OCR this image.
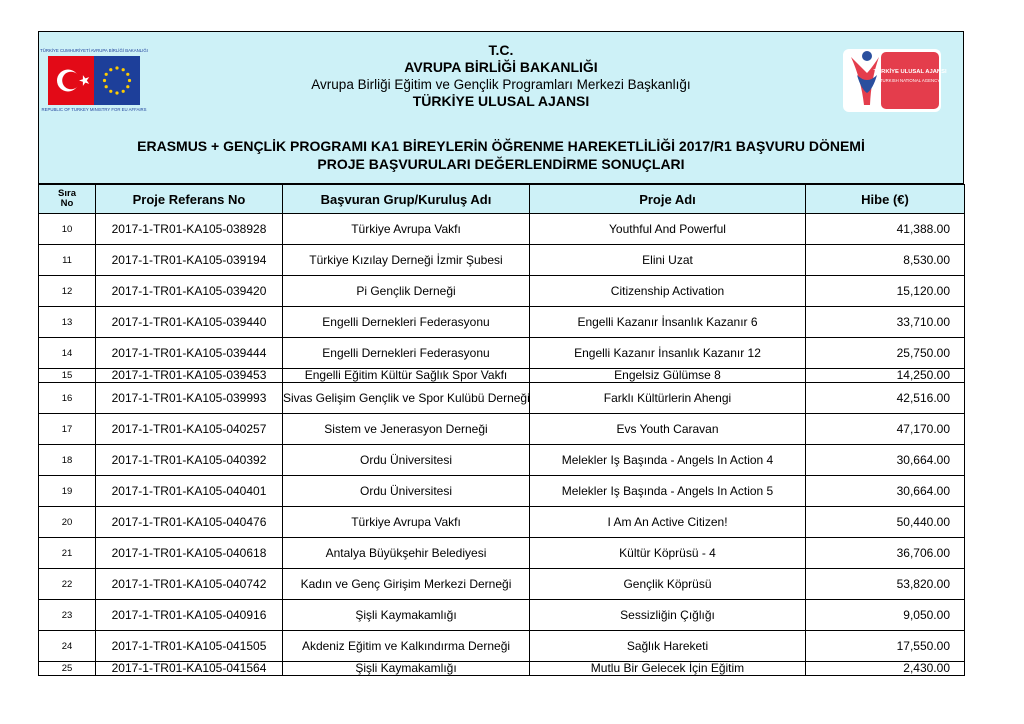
TÜRKİYE CUMHURİYETİ AVRUPA BİRLİĞİ BAKANLIĞI
REPUBLIC OF TURKEY MINISTRY FOR EU AFFAIRS
T.C.
AVRUPA BİRLİĞİ BAKANLIĞI
Avrupa Birliği Eğitim ve Gençlik Programları Merkezi Başkanlığı
TÜRKİYE ULUSAL AJANSI
TÜRKİYE ULUSAL AJANSI
TURKISH NATIONAL AGENCY
ERASMUS + GENÇLİK PROGRAMI KA1 BİREYLERİN ÖĞRENME HAREKETLİLİĞİ 2017/R1 BAŞVURU DÖNEMİ
PROJE BAŞVURULARI DEĞERLENDİRME SONUÇLARI
Sıra
No	Proje Referans No	Başvuran Grup/Kuruluş Adı	Proje Adı	Hibe (€)
10	2017-1-TR01-KA105-038928	Türkiye Avrupa Vakfı	Youthful And Powerful	41,388.00
11	2017-1-TR01-KA105-039194	Türkiye Kızılay Derneği İzmir Şubesi	Elini Uzat	8,530.00
12	2017-1-TR01-KA105-039420	Pi Gençlik Derneği	Citizenship Activation	15,120.00
13	2017-1-TR01-KA105-039440	Engelli Dernekleri Federasyonu	Engelli Kazanır İnsanlık Kazanır 6	33,710.00
14	2017-1-TR01-KA105-039444	Engelli Dernekleri Federasyonu	Engelli Kazanır İnsanlık Kazanır 12	25,750.00
15	2017-1-TR01-KA105-039453	Engelli Eğitim Kültür Sağlık Spor Vakfı	Engelsiz Gülümse 8	14,250.00
16	2017-1-TR01-KA105-039993	Sivas Gelişim Gençlik ve Spor Kulübü Derneği	Farklı Kültürlerin Ahengi	42,516.00
17	2017-1-TR01-KA105-040257	Sistem ve Jenerasyon Derneği	Evs Youth Caravan	47,170.00
18	2017-1-TR01-KA105-040392	Ordu Üniversitesi	Melekler Iş Başında - Angels In Action 4	30,664.00
19	2017-1-TR01-KA105-040401	Ordu Üniversitesi	Melekler Iş Başında - Angels In Action 5	30,664.00
20	2017-1-TR01-KA105-040476	Türkiye Avrupa Vakfı	I Am An Active Citizen!	50,440.00
21	2017-1-TR01-KA105-040618	Antalya Büyükşehir Belediyesi	Kültür Köprüsü - 4	36,706.00
22	2017-1-TR01-KA105-040742	Kadın ve Genç Girişim Merkezi Derneği	Gençlik Köprüsü	53,820.00
23	2017-1-TR01-KA105-040916	Şişli Kaymakamlığı	Sessizliğin Çığlığı	9,050.00
24	2017-1-TR01-KA105-041505	Akdeniz Eğitim ve Kalkındırma Derneği	Sağlık Hareketi	17,550.00
25	2017-1-TR01-KA105-041564	Şişli Kaymakamlığı	Mutlu Bir Gelecek İçin Eğitim	2,430.00
